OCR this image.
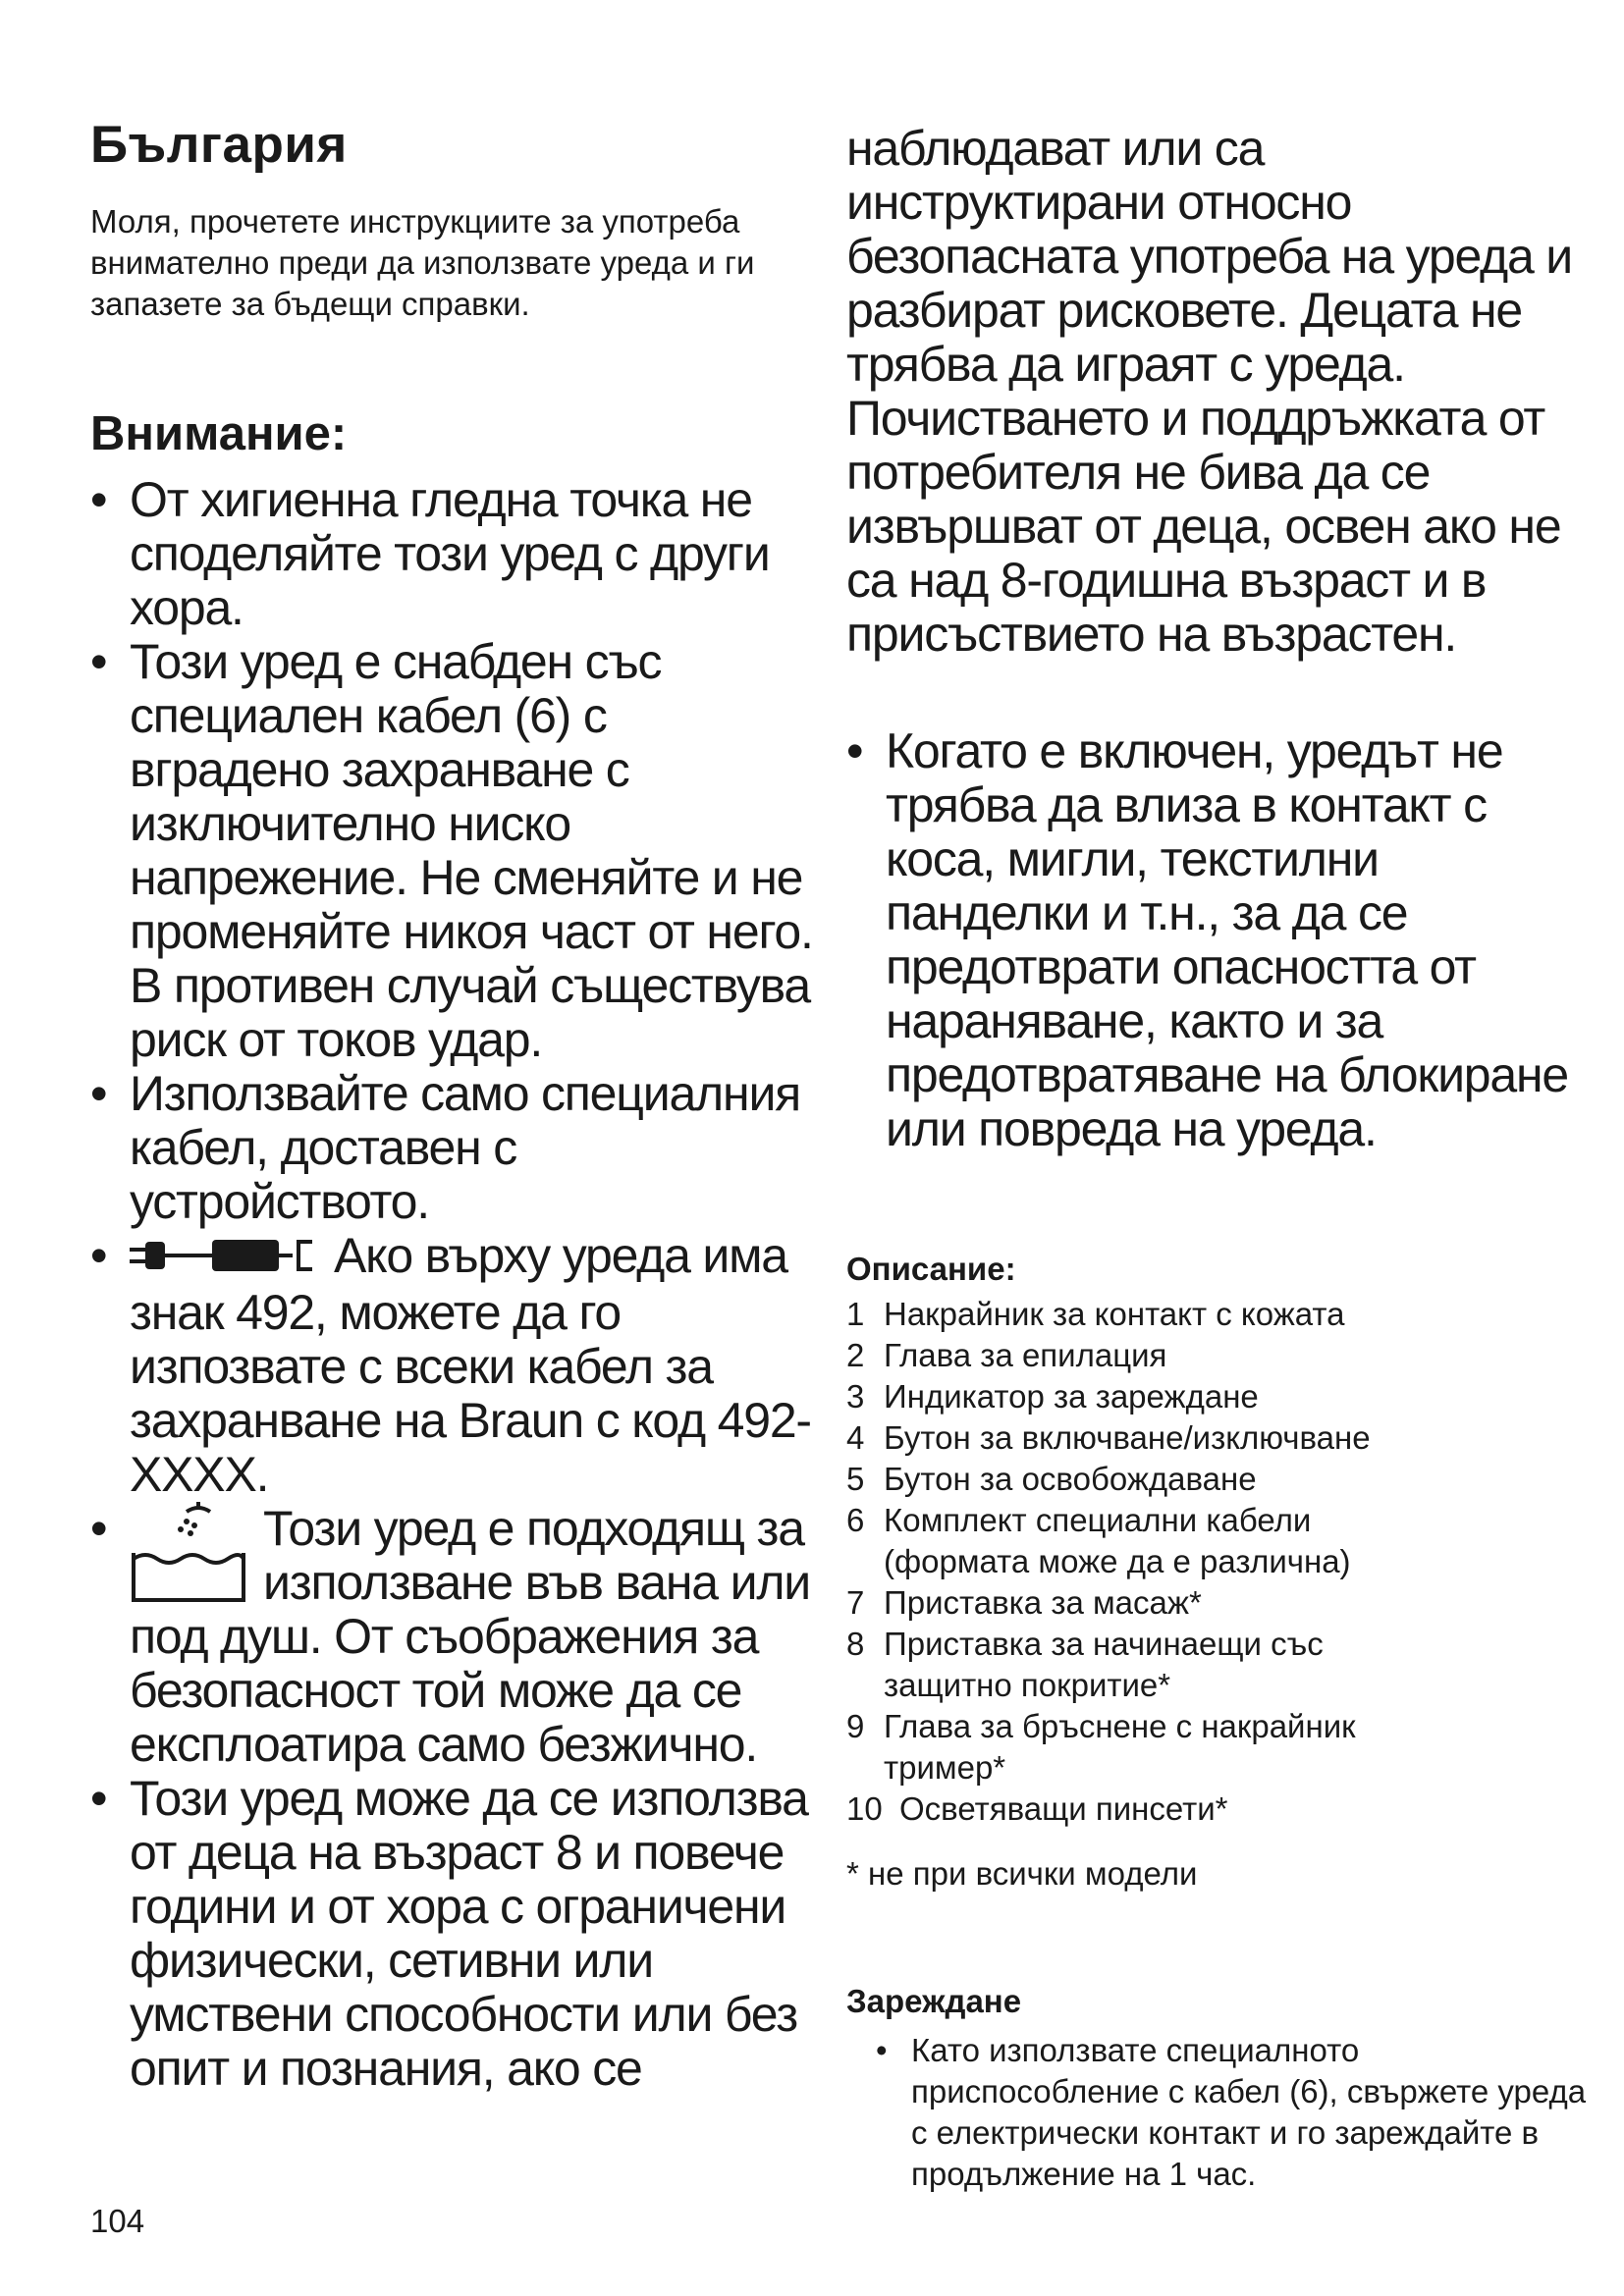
България

Моля, прочетете инструкциите за употреба внимателно преди да използвате уреда и ги запазете за бъдещи справки.

Внимание:
• От хигиенна гледна точка не споделяйте този уред с други хора.
• Този уред е снабден със специален кабел (6) с вградено захранване с изключително ниско напрежение. Не сменяйте и не променяйте никоя част от него. В противен случай съществува риск от токов удар.
• Използвайте само специалния кабел, доставен с устройството.
• Ако върху уреда има знак 492, можете да го изпозвате с всеки кабел за захранване на Braun с код 492-XXXX.
• Този уред е подходящ за използване във вана или под душ. От съображения за безопасност той може да се експлоатира само безжично.
• Този уред може да се използва от деца на възраст 8 и повече години и от хора с ограничени физически, сетивни или умствени способности или без опит и познания, ако се

наблюдават или са инструктирани относно безопасната употреба на уреда и разбират рисковете. Децата не трябва да играят с уреда. Почистването и поддръжката от потребителя не бива да се извършват от деца, освен ако не са над 8-годишна възраст и в присъствието на възрастен.

• Когато е включен, уредът не трябва да влиза в контакт с коса, мигли, текстилни панделки и т.н., за да се предотврати опасността от нараняване, както и за предотвратяване на блокиране или повреда на уреда.
Описание:
1 Накрайник за контакт с кожата
2 Глава за епилация
3 Индикатор за зареждане
4 Бутон за включване/изключване
5 Бутон за освобождаване
6 Комплект специални кабели (формата може да е различна)
7 Приставка за масаж*
8 Приставка за начинаещи със защитно покритие*
9 Глава за бръснене с накрайник тример*
10 Осветяващи пинсети*

* не при всички модели

Зареждане
• Като използвате специалното приспособление с кабел (6), свържете уреда с електрически контакт и го зареждайте в продължение на 1 час.

104
